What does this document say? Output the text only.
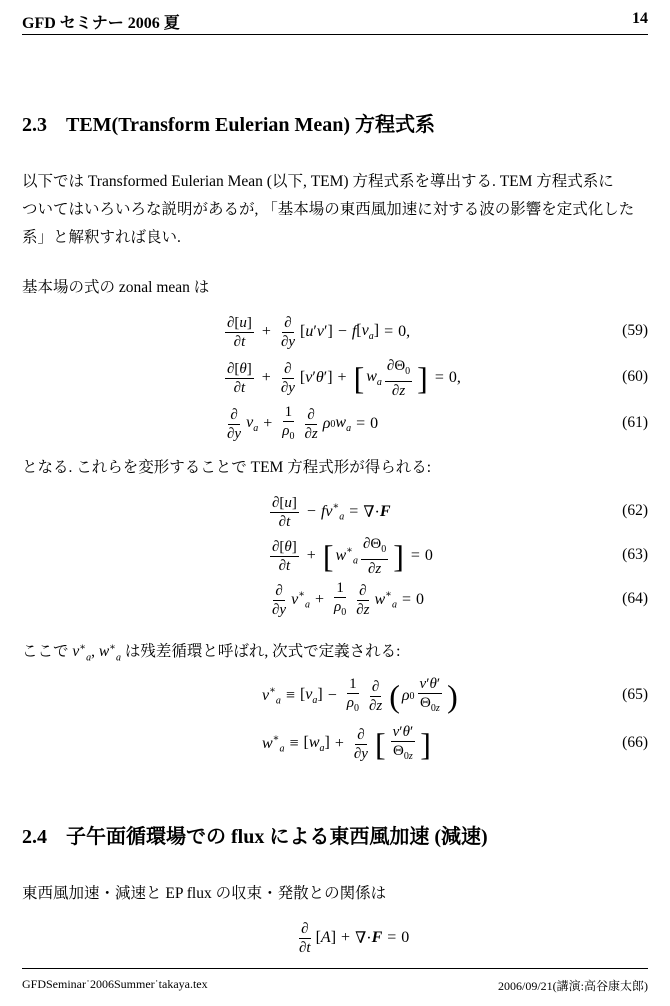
GFD セミナー 2006 夏	14
2.3 TEM(Transform Eulerian Mean) 方程式系

以下では Transformed Eulerian Mean (以下, TEM) 方程式系を導出する. TEM 方程式系に

ついてはいろいろな説明があるが, 「基本場の東西風加速に対する波の影響を定式化した

系」と解釈すれば良い.

基本場の式の zonal mean は

$\frac{\partial[u]}{\partial t} + \frac{\partial}{\partial y} [u'v'] - f$ $[v_a] = 0$,	(59)
$\frac{\partial[\theta]}{\partial t} + \frac{\partial}{\partial y} [v'\theta']$ + [ $w_a \frac{\partial\Theta_0}{\partial z}$ ] = 0,	(60)
$\frac{\partial}{\partial y} v_a + \frac{1}{\rho_0} \frac{\partial}{\partial z}$ ρ 0 $w_a = 0$	(61)

となる. これらを変形することで TEM 方程式形が得られる:

$\frac{\partial[u]}{\partial t}$ − fv ∗$_a$ = ∇· F	(62)
$\frac{\partial[\theta]}{\partial t}$ + [ w $^∗_a \frac{\partial\Theta_0}{\partial z}$ ] = 0	(63)
$\frac{\partial}{\partial y}$ v $^∗_a + \frac{1}{\rho_0} \frac{\partial}{\partial z}$ w ∗$_a$ = 0	(64)

ここで $v^∗_a$, $w^∗_a$ は残差循環と呼ばれ, 次式で定義される:

v $^∗_a \equiv [v_a] - \frac{1}{\rho_0} \frac{\partial}{\partial z}$ ( ρ $0 \frac{v'\theta'}{\Theta_{0z}}$ )	(65)
w $^∗_a \equiv [w_a] + \frac{\partial}{\partial y}$ [ $\frac{v'\theta'}{\Theta_{0z}}$ ]	(66)
2.4 子午面循環場での flux による東西風加速 (減速)

東西風加速・減速と EP flux の収束・発散との関係は

$\frac{\partial}{\partial t} [A]$ + ∇· F = 0
GFDSeminar˙2006Summer˙takaya.tex	2006/09/21(講演:高谷康太郎)
